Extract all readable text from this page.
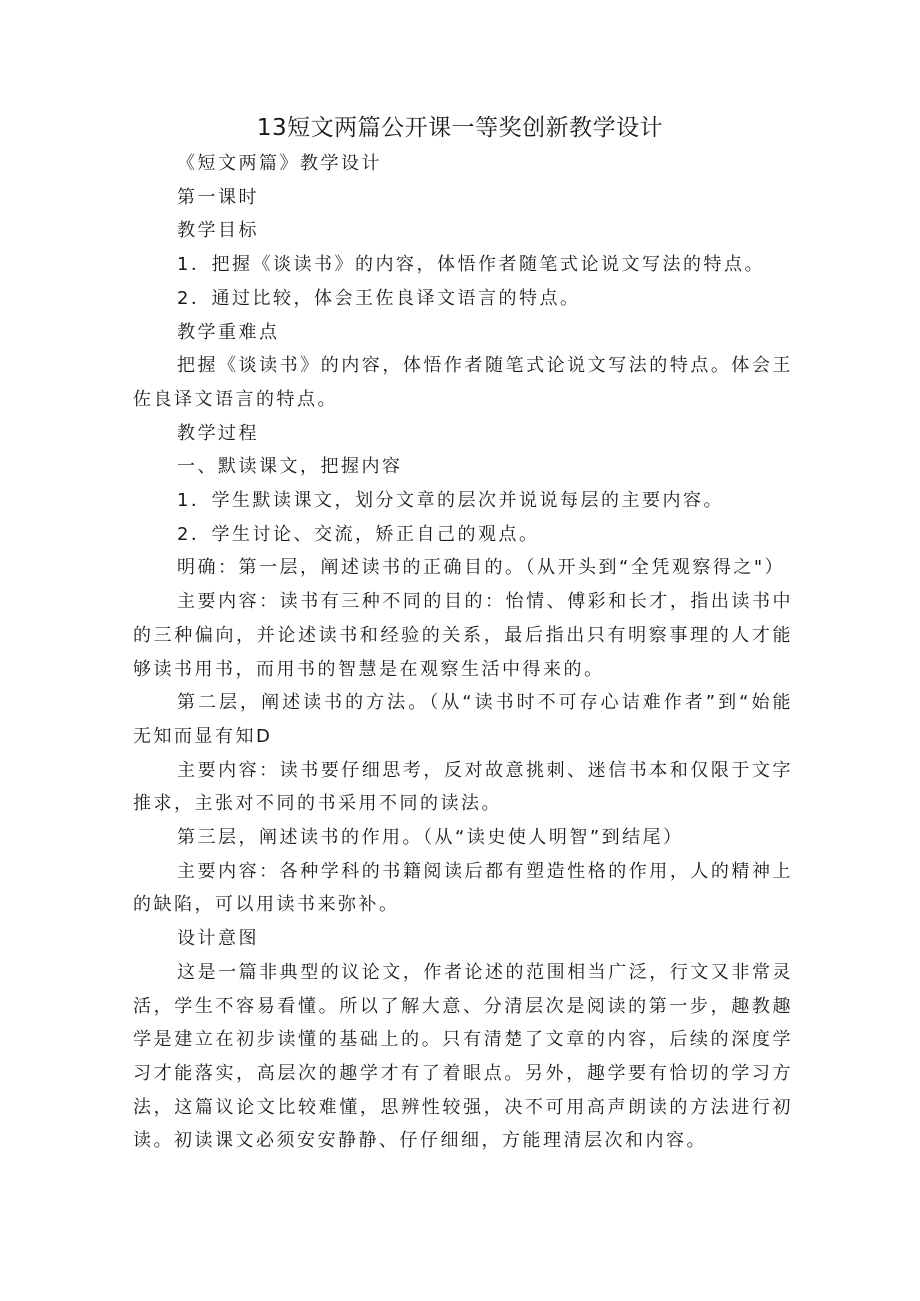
13短文两篇公开课一等奖创新教学设计

《短文两篇》教学设计

第一课时

教学目标

1．把握《谈读书》的内容，体悟作者随笔式论说文写法的特点。

2．通过比较，体会王佐良译文语言的特点。

教学重难点

把握《谈读书》的内容，体悟作者随笔式论说文写法的特点。体会王佐良译文语言的特点。

教学过程

一、默读课文，把握内容

1．学生默读课文，划分文章的层次并说说每层的主要内容。

2．学生讨论、交流，矫正自己的观点。

明确：第一层，阐述读书的正确目的。（从开头到“全凭观察得之"）

主要内容：读书有三种不同的目的：怡情、傅彩和长才，指出读书中的三种偏向，并论述读书和经验的关系，最后指出只有明察事理的人才能够读书用书，而用书的智慧是在观察生活中得来的。

第二层，阐述读书的方法。（从“读书时不可存心诘难作者”到“始能无知而显有知D

主要内容：读书要仔细思考，反对故意挑刺、迷信书本和仅限于文字推求，主张对不同的书采用不同的读法。

第三层，阐述读书的作用。（从“读史使人明智”到结尾）

主要内容：各种学科的书籍阅读后都有塑造性格的作用，人的精神上的缺陷，可以用读书来弥补。

设计意图

这是一篇非典型的议论文，作者论述的范围相当广泛，行文又非常灵活，学生不容易看懂。所以了解大意、分清层次是阅读的第一步，趣教趣学是建立在初步读懂的基础上的。只有清楚了文章的内容，后续的深度学习才能落实，高层次的趣学才有了着眼点。另外，趣学要有恰切的学习方法，这篇议论文比较难懂，思辨性较强，决不可用高声朗读的方法进行初读。初读课文必须安安静静、仔仔细细，方能理清层次和内容。
